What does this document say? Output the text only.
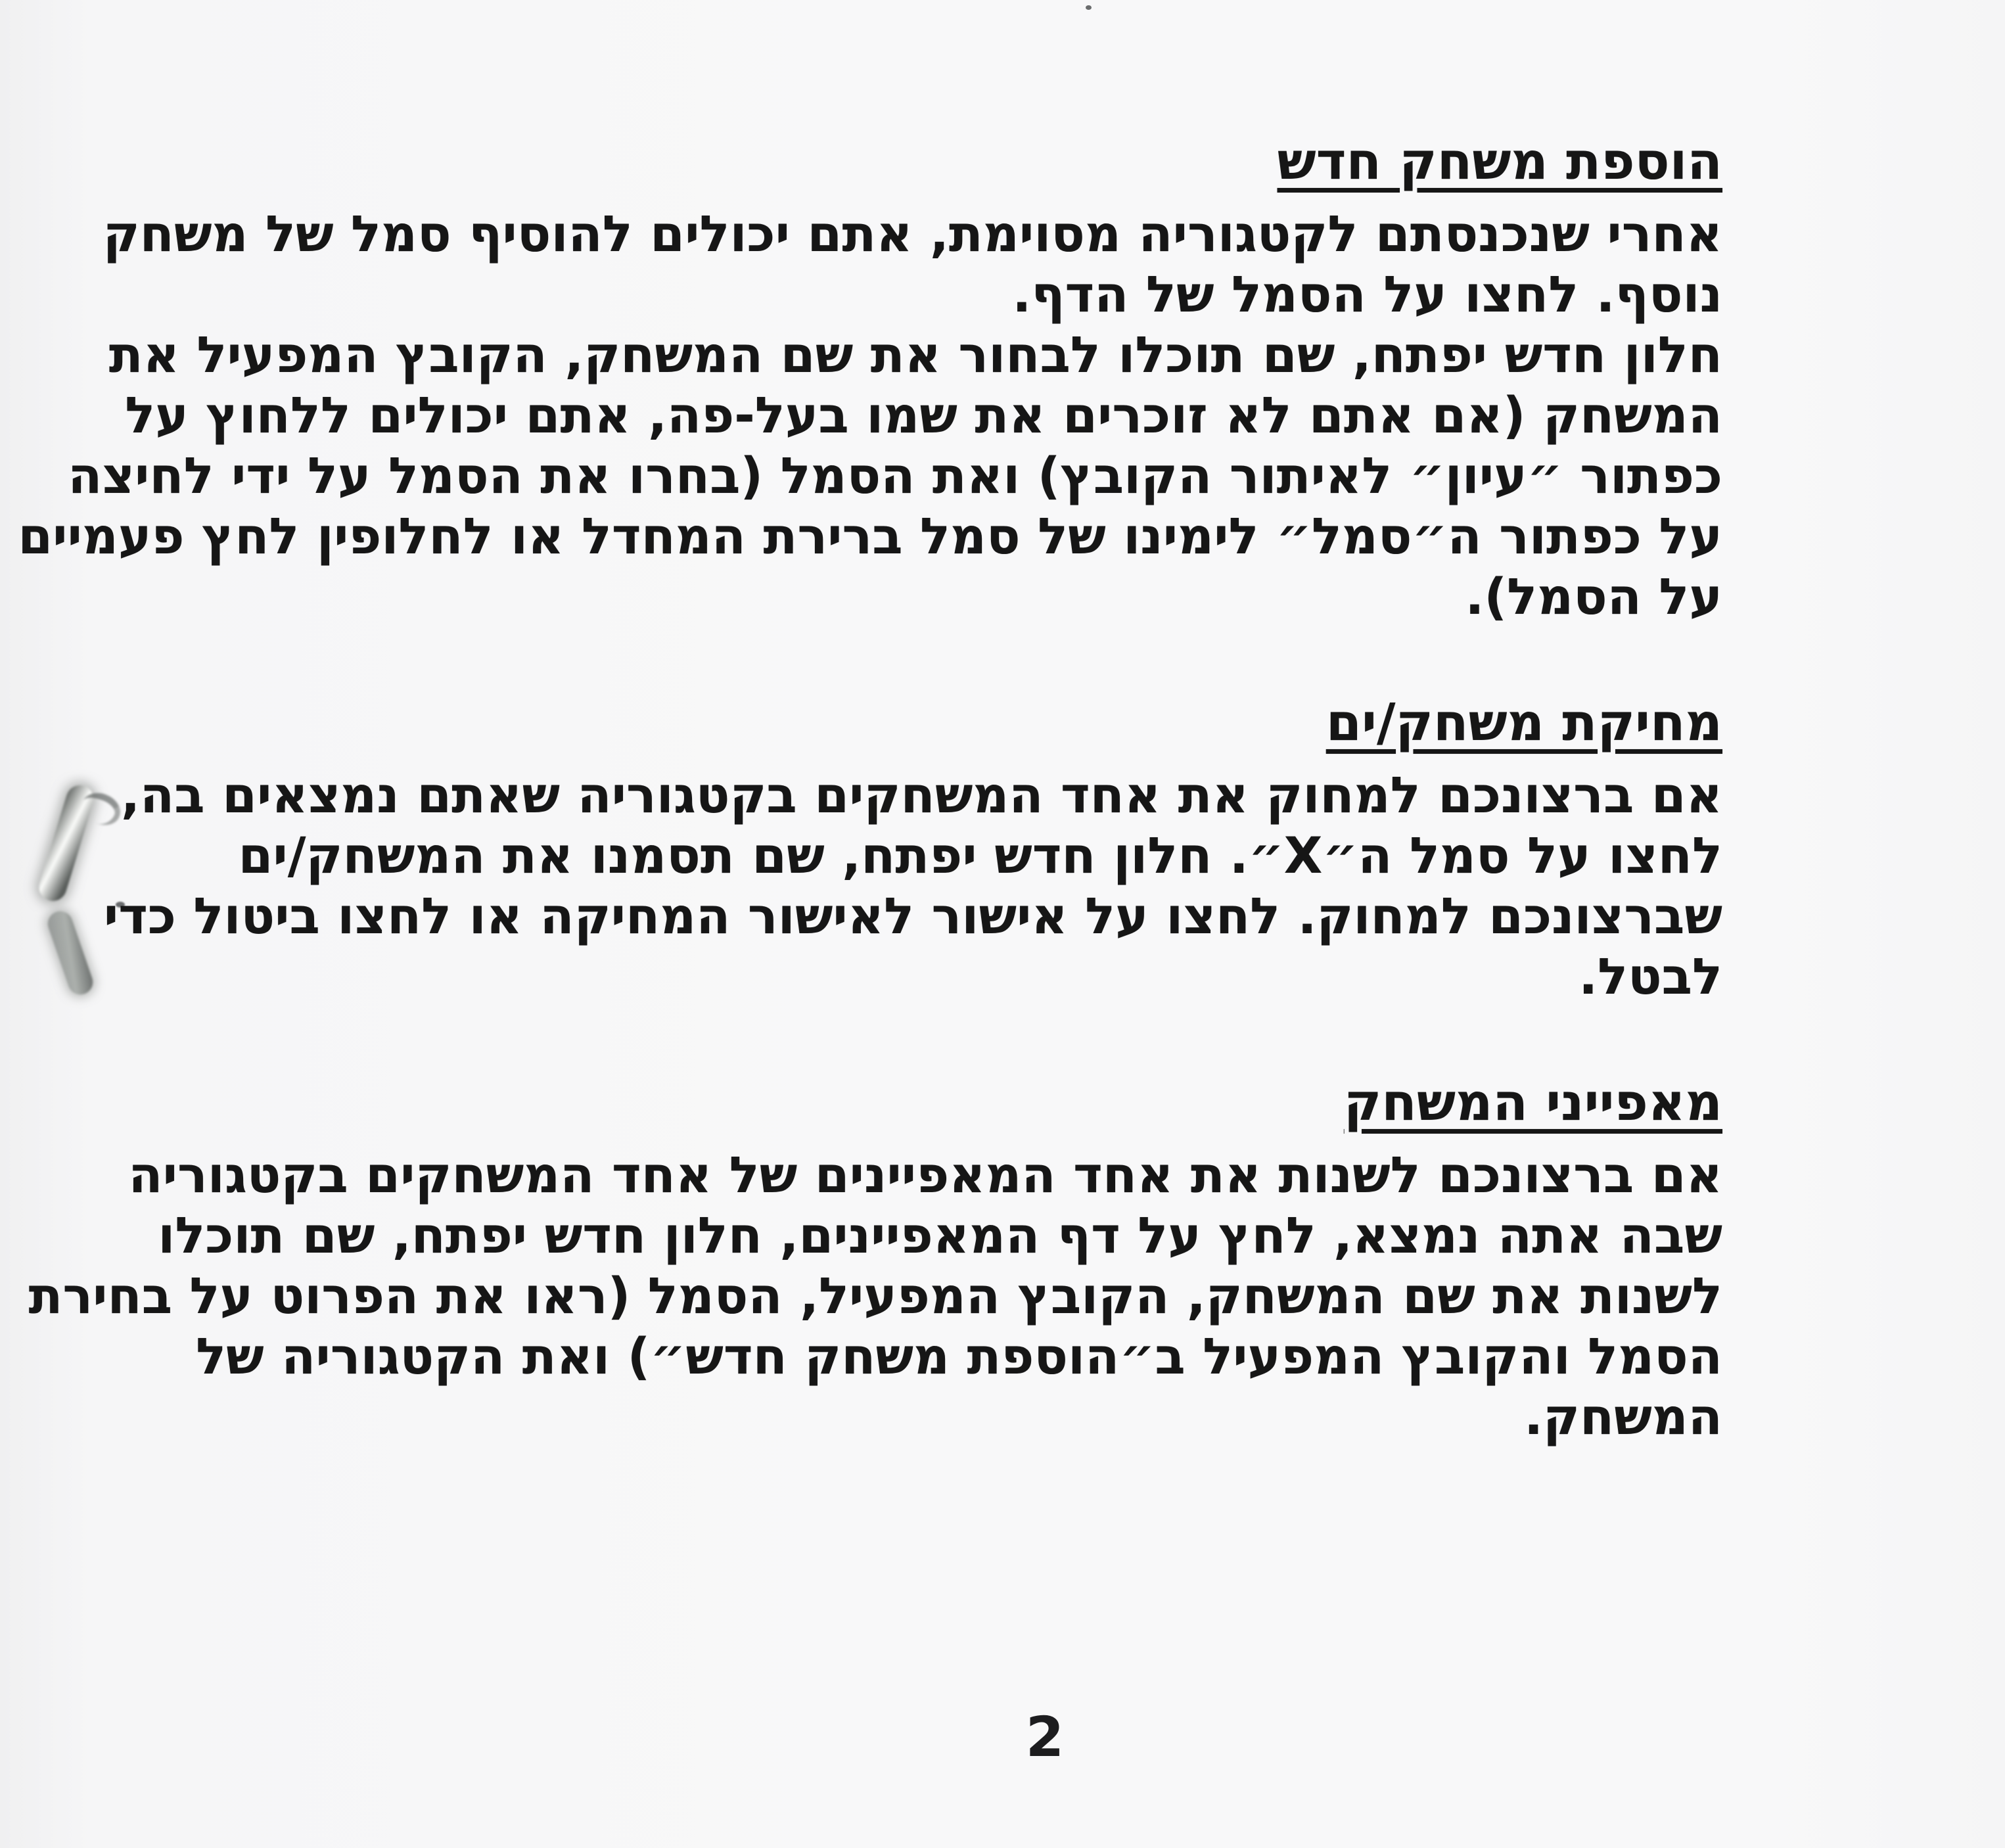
הוספת משחק חדש
אחרי שנכנסתם לקטגוריה מסוימת, אתם יכולים להוסיף סמל של משחק
נוסף. לחצו על הסמל של הדף.
חלון חדש יפתח, שם תוכלו לבחור את שם המשחק, הקובץ המפעיל את
המשחק (אם אתם לא זוכרים את שמו בעל-פה, אתם יכולים ללחוץ על
כפתור ״עיון״ לאיתור הקובץ) ואת הסמל (בחרו את הסמל על ידי לחיצה
על כפתור ה״סמל״ לימינו של סמל ברירת המחדל או לחלופין לחץ פעמיים
על הסמל).
מחיקת משחק/ים
אם ברצונכם למחוק את אחד המשחקים בקטגוריה שאתם נמצאים בה,
לחצו על סמל ה״X״. חלון חדש יפתח, שם תסמנו את המשחק/ים
שברצונכם למחוק. לחצו על אישור לאישור המחיקה או לחצו ביטול כדי
לבטל.
מאפייני המשחק
אם ברצונכם לשנות את אחד המאפיינים של אחד המשחקים בקטגוריה
שבה אתה נמצא, לחץ על דף המאפיינים, חלון חדש יפתח, שם תוכלו
לשנות את שם המשחק, הקובץ המפעיל, הסמל (ראו את הפרוט על בחירת
הסמל והקובץ המפעיל ב״הוספת משחק חדש״) ואת הקטגוריה של
המשחק.
2
